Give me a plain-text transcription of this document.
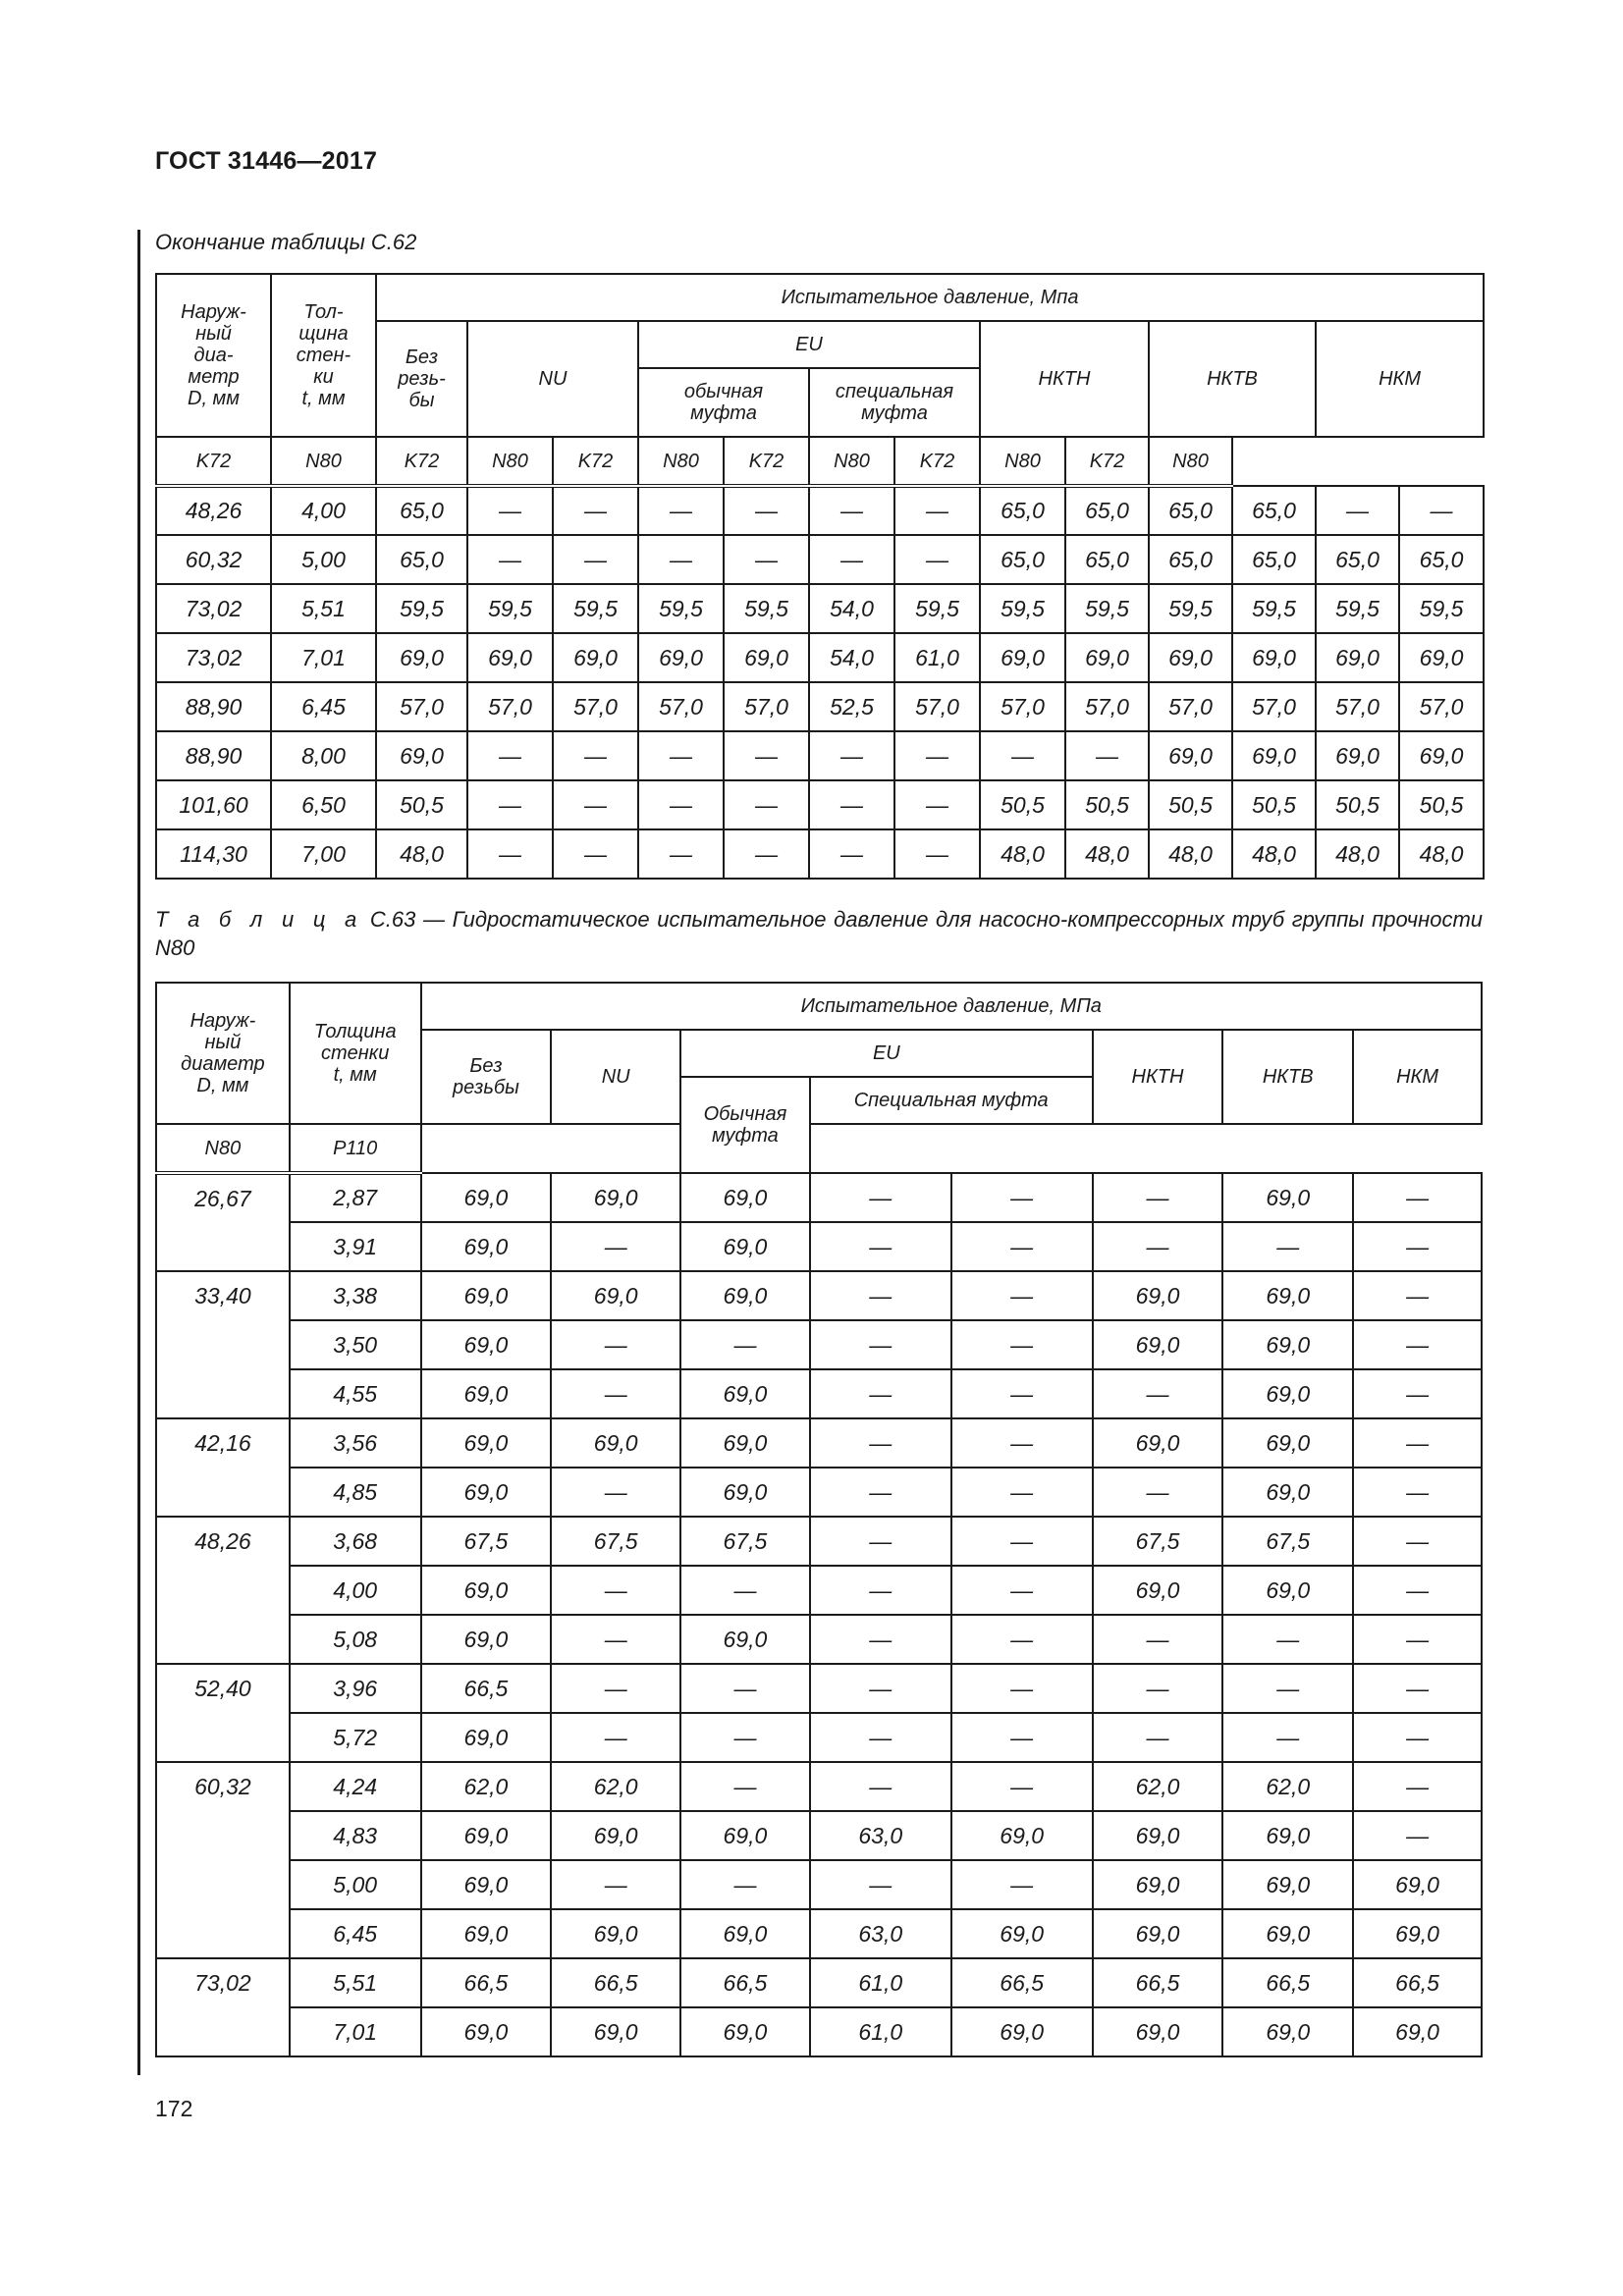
ГОСТ 31446—2017
Окончание таблицы С.62
Наруж-
ный
диа-
метр
D, мм	Тол-
щина
стен-
ки
t, мм	Испытательное давление, Мпа												
		Без
резь-
бы	NU		EU				НКТН		НКТВ		НКМ	
					обычная
муфта		специальная
муфта							
K72	N80	K72	N80	K72	N80	K72	N80	K72	N80	K72	N80			
48,26	4,00	65,0	—	—	—	—	—	—	65,0	65,0	65,0	65,0	—	—
60,32	5,00	65,0	—	—	—	—	—	—	65,0	65,0	65,0	65,0	65,0	65,0
73,02	5,51	59,5	59,5	59,5	59,5	59,5	54,0	59,5	59,5	59,5	59,5	59,5	59,5	59,5
73,02	7,01	69,0	69,0	69,0	69,0	69,0	54,0	61,0	69,0	69,0	69,0	69,0	69,0	69,0
88,90	6,45	57,0	57,0	57,0	57,0	57,0	52,5	57,0	57,0	57,0	57,0	57,0	57,0	57,0
88,90	8,00	69,0	—	—	—	—	—	—	—	—	69,0	69,0	69,0	69,0
101,60	6,50	50,5	—	—	—	—	—	—	50,5	50,5	50,5	50,5	50,5	50,5
114,30	7,00	48,0	—	—	—	—	—	—	48,0	48,0	48,0	48,0	48,0	48,0
Т а б л и ц а С.63 — Гидростатическое испытательное давление для насосно-компрессорных труб группы прочности N80
Наруж-
ный
диаметр
D, мм	Толщина
стенки
t, мм	Испытательное давление, МПа							
		Без
резьбы	NU	EU			НКТН	НКТВ	НКМ
				Обычная
муфта	Специальная муфта				
N80	P110								
26,67	2,87	69,0	69,0	69,0	—	—	—	69,0	—
	3,91	69,0	—	69,0	—	—	—	—	—
33,40	3,38	69,0	69,0	69,0	—	—	69,0	69,0	—
	3,50	69,0	—	—	—	—	69,0	69,0	—
	4,55	69,0	—	69,0	—	—	—	69,0	—
42,16	3,56	69,0	69,0	69,0	—	—	69,0	69,0	—
	4,85	69,0	—	69,0	—	—	—	69,0	—
48,26	3,68	67,5	67,5	67,5	—	—	67,5	67,5	—
	4,00	69,0	—	—	—	—	69,0	69,0	—
	5,08	69,0	—	69,0	—	—	—	—	—
52,40	3,96	66,5	—	—	—	—	—	—	—
	5,72	69,0	—	—	—	—	—	—	—
60,32	4,24	62,0	62,0	—	—	—	62,0	62,0	—
	4,83	69,0	69,0	69,0	63,0	69,0	69,0	69,0	—
	5,00	69,0	—	—	—	—	69,0	69,0	69,0
	6,45	69,0	69,0	69,0	63,0	69,0	69,0	69,0	69,0
73,02	5,51	66,5	66,5	66,5	61,0	66,5	66,5	66,5	66,5
	7,01	69,0	69,0	69,0	61,0	69,0	69,0	69,0	69,0
172
